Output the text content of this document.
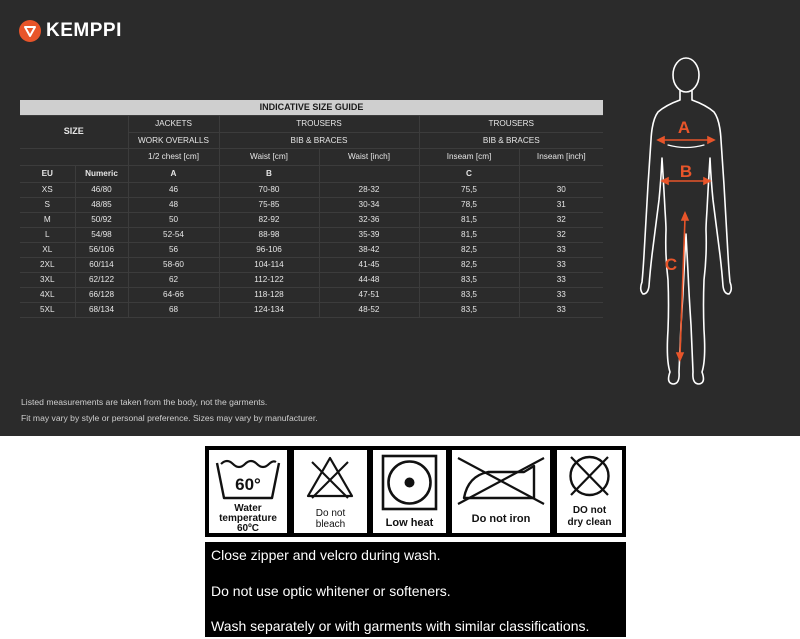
KEMPPI
INDICATIVE SIZE GUIDE						
SIZE		JACKETS	TROUSERS		TROUSERS	
		WORK OVERALLS	BIB & BRACES		BIB & BRACES	
		1/2 chest [cm]	Waist [cm]	Waist [inch]	Inseam [cm]	Inseam [inch]
EU	Numeric	A	B		C	
XS	46/80	46	70-80	28-32	75,5	30
S	48/85	48	75-85	30-34	78,5	31
M	50/92	50	82-92	32-36	81,5	32
L	54/98	52-54	88-98	35-39	81,5	32
XL	56/106	56	96-106	38-42	82,5	33
2XL	60/114	58-60	104-114	41-45	82,5	33
3XL	62/122	62	112-122	44-48	83,5	33
4XL	66/128	64-66	118-128	47-51	83,5	33
5XL	68/134	68	124-134	48-52	83,5	33
Listed measurements are taken from the body, not the garments.
Fit may vary by style or personal preference. Sizes may vary by manufacturer.
A
B
C
60°
Water
temperature
60ºC
Do not
bleach	Low heat	Do not iron
DO not
dry clean
Close zipper and velcro during wash.
Do not use optic whitener or softeners.
Wash separately or with garments with similar classifications.
